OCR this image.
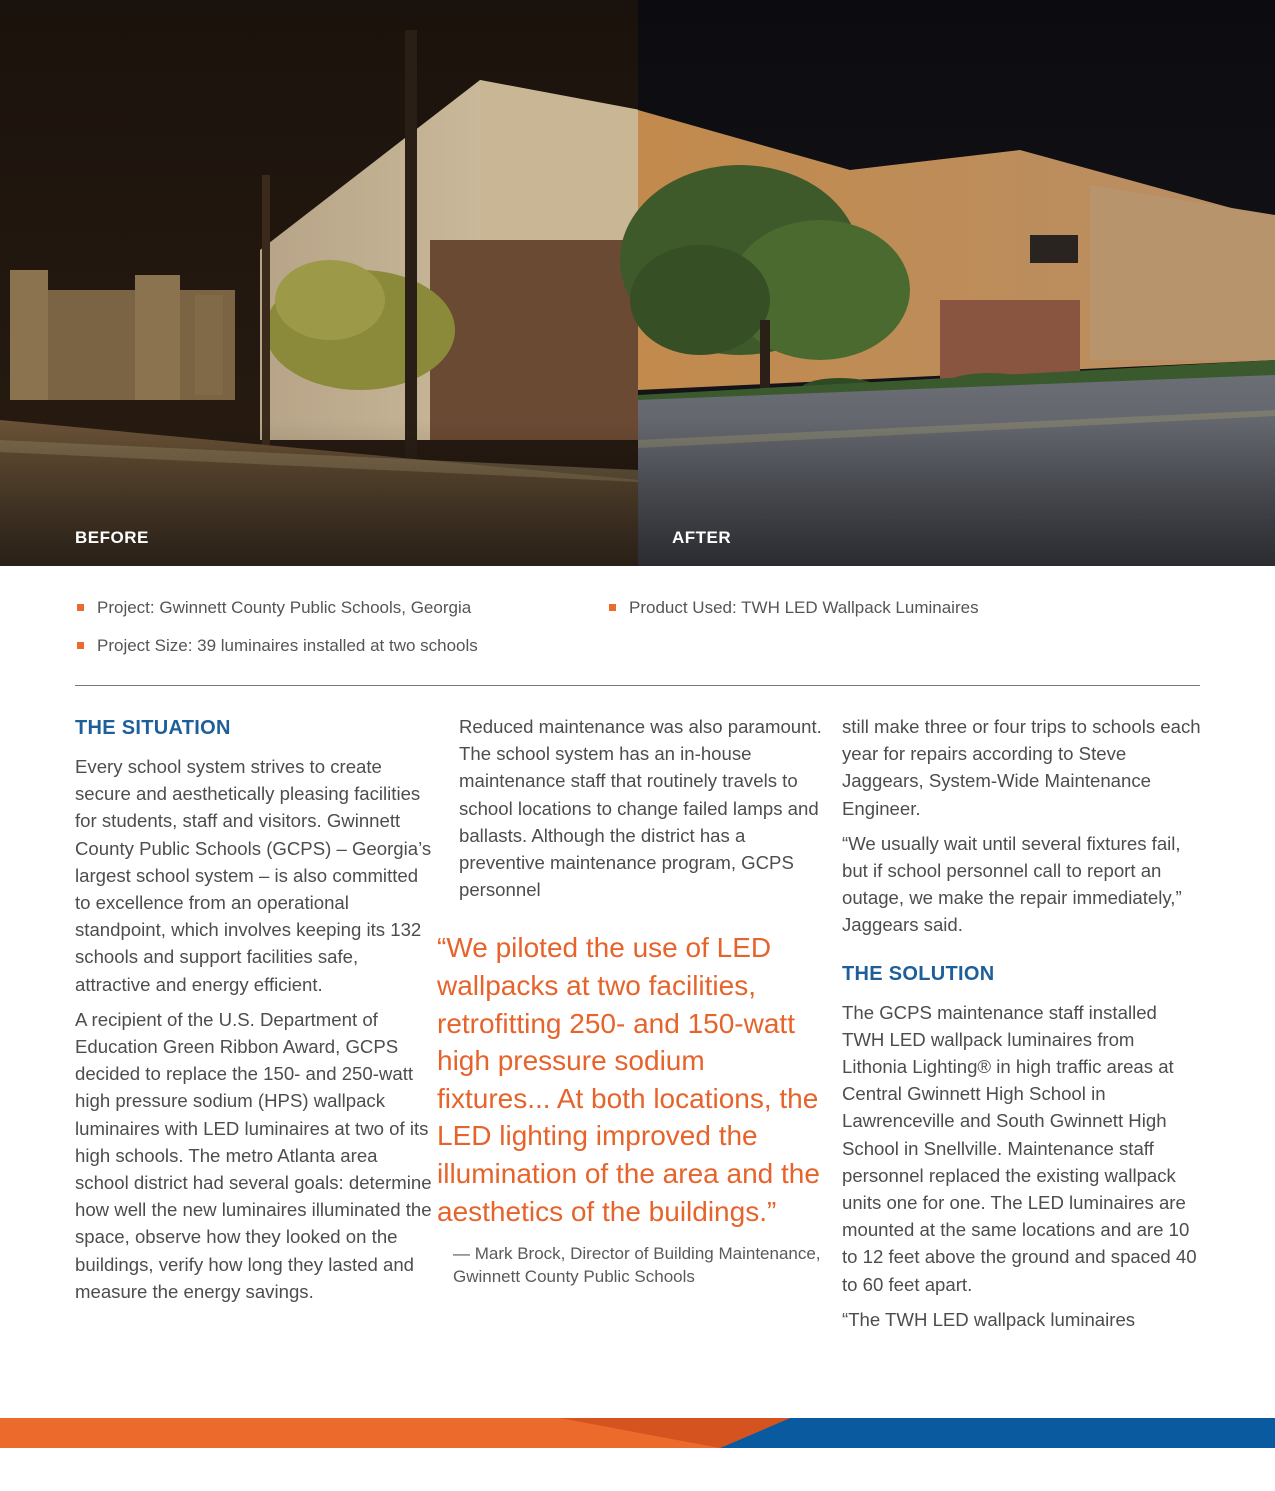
BEFORE	AFTER
Project: Gwinnett County Public Schools, Georgia	Product Used: TWH LED Wallpack Luminaires
Project Size: 39 luminaires installed at two schools
THE SITUATION

Every school system strives to create secure and aesthetically pleasing facilities for students, staff and visitors. Gwinnett County Public Schools (GCPS) – Georgia’s largest school system – is also committed to excellence from an operational standpoint, which involves keeping its 132 schools and support facilities safe, attractive and energy efficient.

A recipient of the U.S. Department of Education Green Ribbon Award, GCPS decided to replace the 150- and 250-watt high pressure sodium (HPS) wallpack luminaires with LED luminaires at two of its high schools. The metro Atlanta area school district had several goals: determine how well the new luminaires illuminated the space, observe how they looked on the buildings, verify how long they lasted and measure the energy savings.

Reduced maintenance was also paramount. The school system has an in-house maintenance staff that routinely travels to school locations to change failed lamps and ballasts. Although the district has a preventive maintenance program, GCPS personnel

“We piloted the use of LED wallpacks at two facilities, retrofitting 250- and 150-watt high pressure sodium fixtures... At both locations, the LED lighting improved the illumination of the area and the aesthetics of the buildings.”
— Mark Brock, Director of Building Maintenance, Gwinnett County Public Schools

still make three or four trips to schools each year for repairs according to Steve Jaggears, System-Wide Maintenance Engineer.

“We usually wait until several fixtures fail, but if school personnel call to report an outage, we make the repair immediately,” Jaggears said.

THE SOLUTION

The GCPS maintenance staff installed TWH LED wallpack luminaires from Lithonia Lighting® in high traffic areas at Central Gwinnett High School in Lawrenceville and South Gwinnett High School in Snellville. Maintenance staff personnel replaced the existing wallpack units one for one. The LED luminaires are mounted at the same locations and are 10 to 12 feet above the ground and spaced 40 to 60 feet apart.

“The TWH LED wallpack luminaires
